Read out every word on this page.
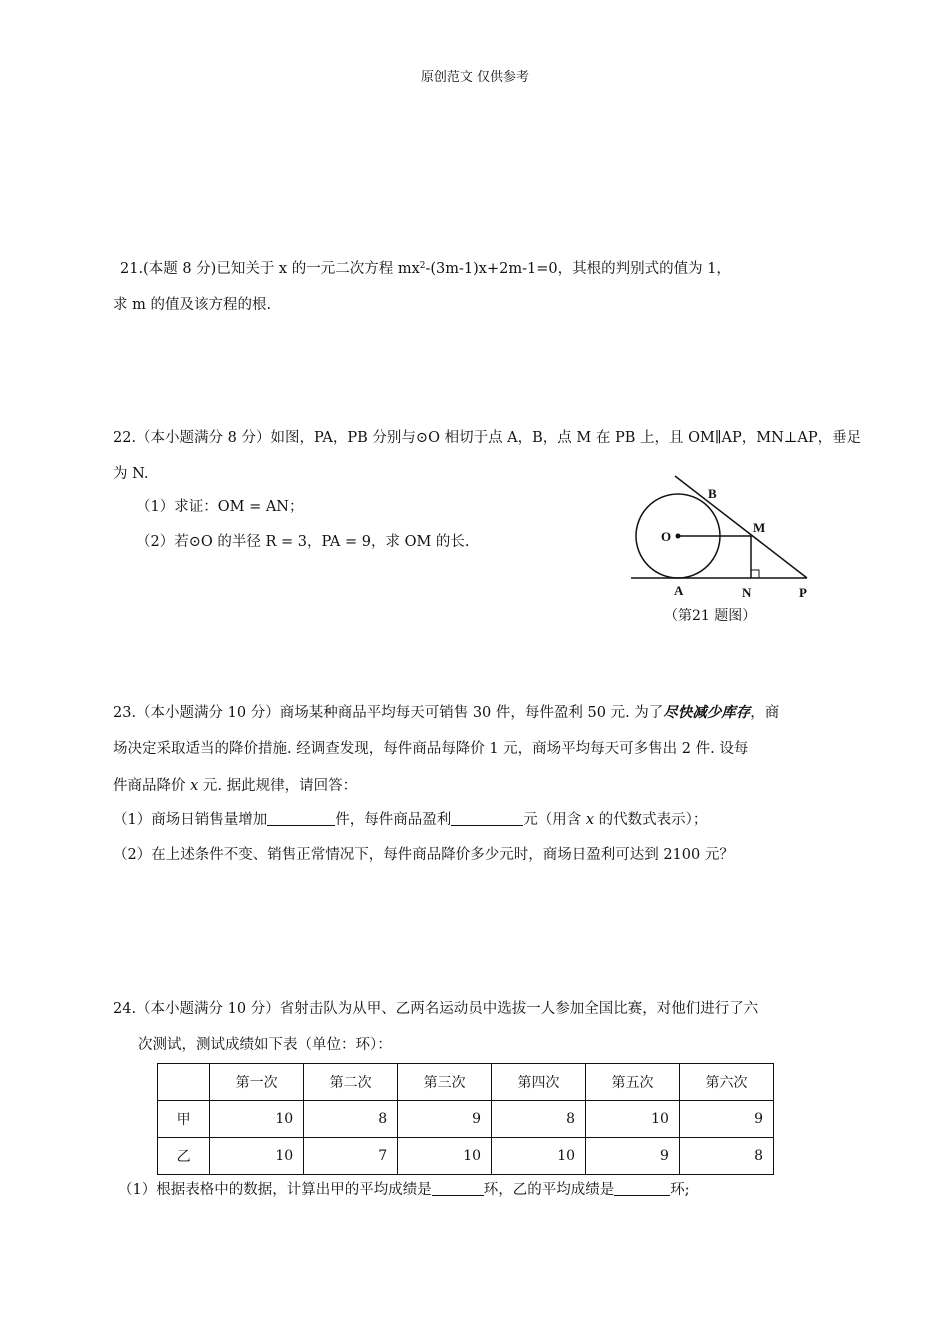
原创范文 仅供参考
21.(本题 8 分)已知关于 x 的一元二次方程 $mx^2-(3m-1)x+2m-1=0$，其根的判别式的值为 1，
求 m 的值及该方程的根.
22.（本小题满分 8 分）如图，PA，PB 分别与⊙O 相切于点 A，B，点 M 在 PB 上，且 OM∥AP，MN⊥AP，垂足
为 N.
（1）求证：OM = AN；
（2）若⊙O 的半径 R = 3，PA = 9，求 OM 的长.
B
M
O
A	N	P
（第21 题图）
23.（本小题满分 10 分）商场某种商品平均每天可销售 30 件，每件盈利 50 元. 为了尽快减少库存，商
场决定采取适当的降价措施. 经调查发现，每件商品每降价 1 元，商场平均每天可多售出 2 件. 设每
件商品降价 x 元. 据此规律，请回答：
（1）商场日销售量增加	件，每件商品盈利	元（用含 x 的代数式表示）；
（2）在上述条件不变、销售正常情况下，每件商品降价多少元时，商场日盈利可达到 2100 元？
24.（本小题满分 10 分）省射击队为从甲、乙两名运动员中选拔一人参加全国比赛，对他们进行了六
次测试，测试成绩如下表（单位：环）：
	第一次	第二次	第三次	第四次	第五次	第六次
甲	10	8	9	8	10	9
乙	10	7	10	10	9	8
（1）根据表格中的数据，计算出甲的平均成绩是	环，乙的平均成绩是	环;
